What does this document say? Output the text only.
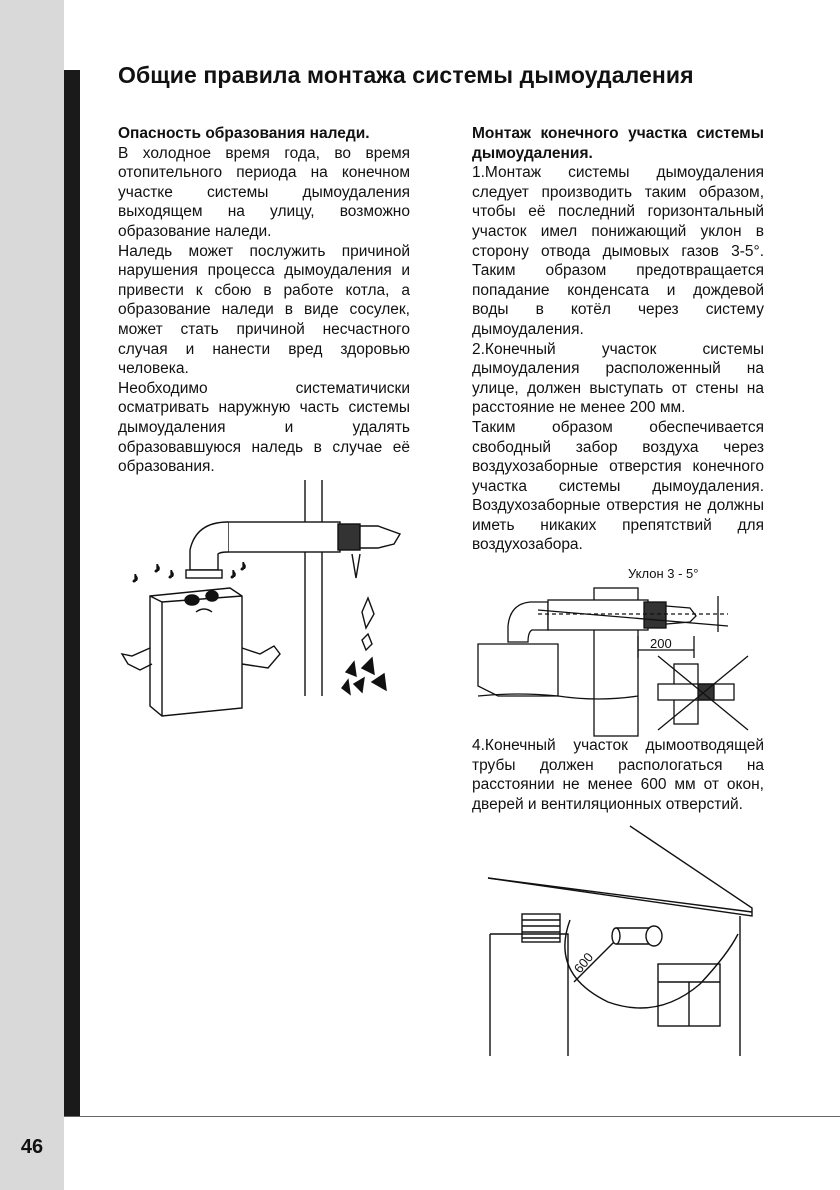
46
Общие правила монтажа системы дымоудаления

Опасность образования наледи.

В холодное время года, во время отопительного периода на конечном участке системы дымоудаления выходящем на улицу, возможно образование наледи.

Наледь может послужить причиной нарушения процесса дымоудаления и привести к сбою в работе котла, а образование наледи в виде сосулек, может стать причиной несчастного случая и нанести вред здоровью человека.

Необходимо систематичиски осматривать наружную часть системы дымоудаления и удалять образовавшуюся наледь в случае её образования.

Монтаж конечного участка системы дымоудаления.

1.Монтаж системы дымоудаления следует производить таким образом, чтобы её последний горизонтальный участок имел понижающий уклон в сторону отвода дымовых газов 3-5°. Таким образом предотвращается попадание конденсата и дождевой воды в котёл через систему дымоудаления.

2.Конечный участок системы дымоудаления расположенный на улице, должен выступать от стены на расстояние не менее 200 мм.

Таким образом обеспечивается свободный забор воздуха через воздухозаборные отверстия конечного участка системы дымоудаления. Воздухозаборные отверстия не должны иметь никаких препятствий для воздухозабора.

4.Конечный участок дымоотводящей трубы должен распологаться на расстоянии не менее 600 мм от окон, дверей и вентиляционных отверстий.

♪
♪ ♪	♪
♪
Уклон 3 - 5°
200
600
